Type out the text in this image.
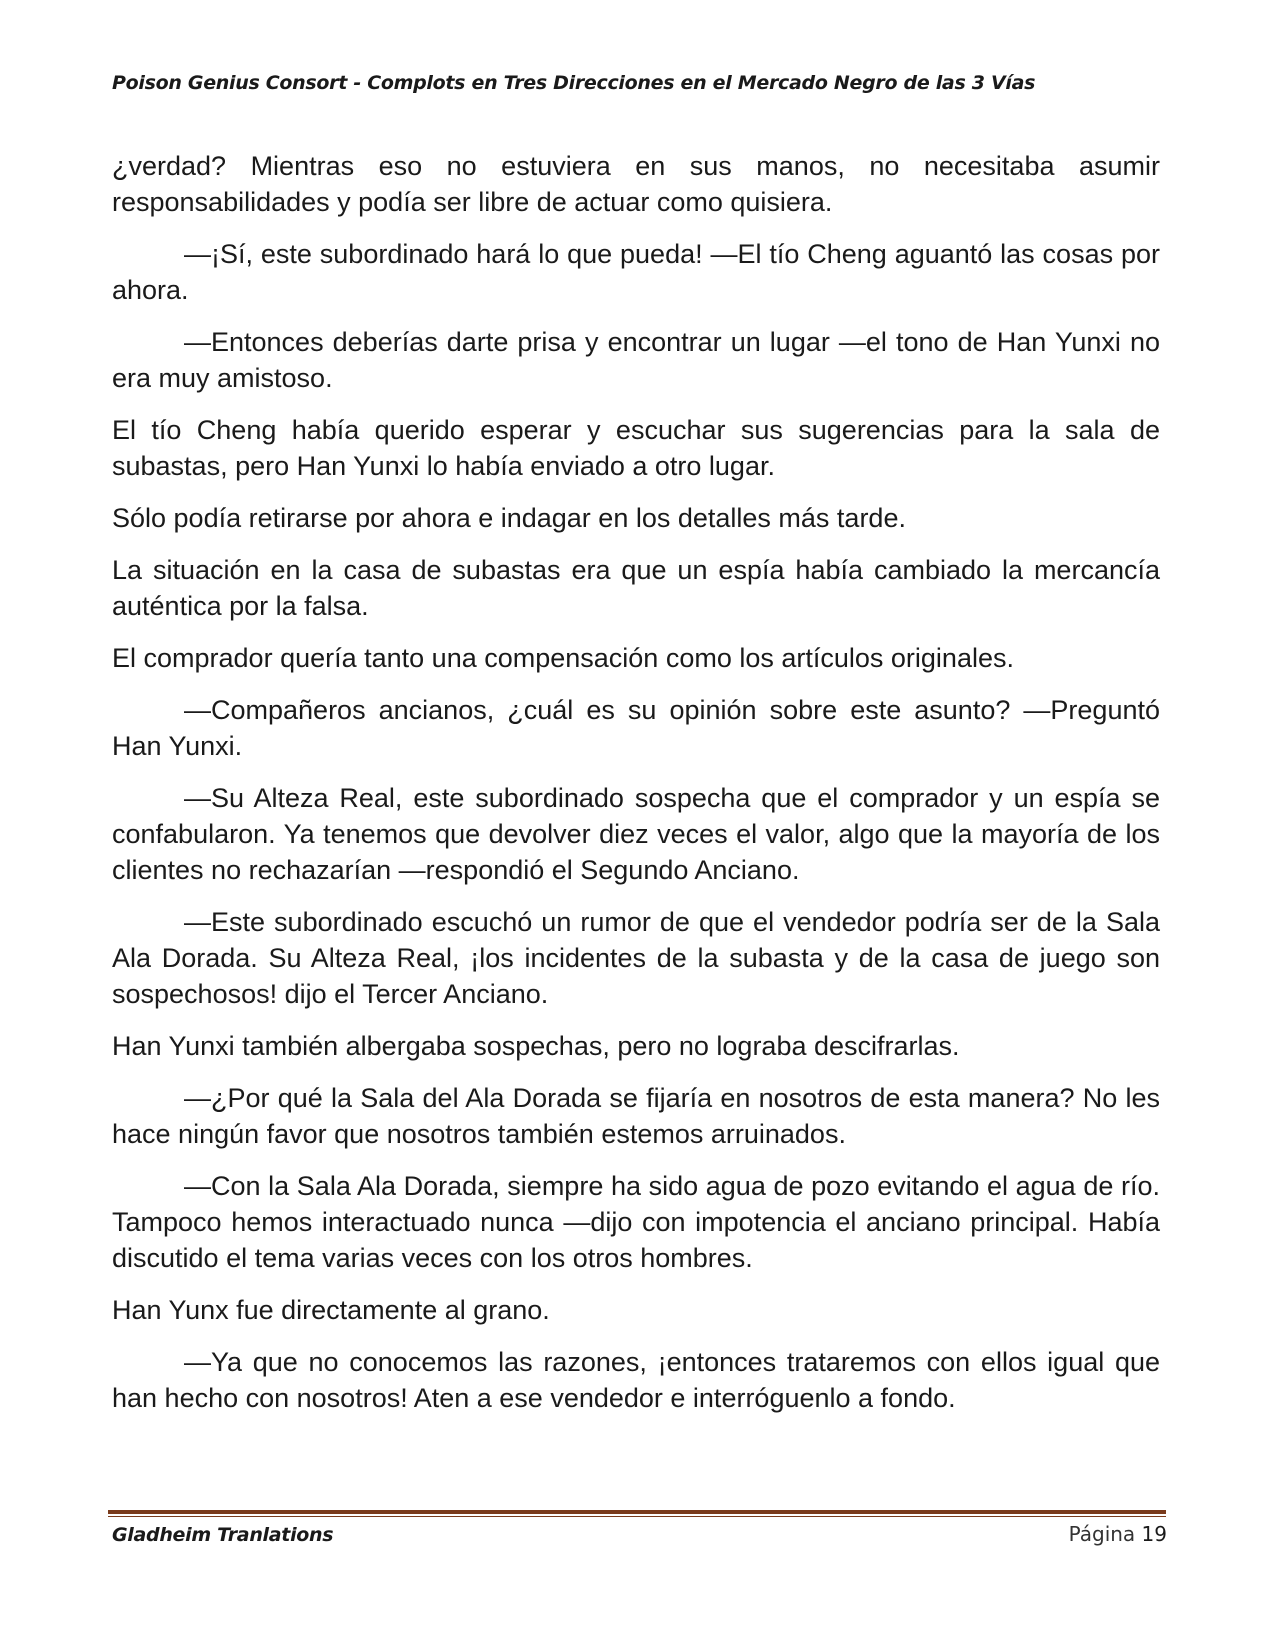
Poison Genius Consort - Complots en Tres Direcciones en el Mercado Negro de las 3 Vías

¿verdad? Mientras eso no estuviera en sus manos, no necesitaba asumir responsabilidades y podía ser libre de actuar como quisiera.

—¡Sí, este subordinado hará lo que pueda! —El tío Cheng aguantó las cosas por ahora.

—Entonces deberías darte prisa y encontrar un lugar —el tono de Han Yunxi no era muy amistoso.

El tío Cheng había querido esperar y escuchar sus sugerencias para la sala de subastas, pero Han Yunxi lo había enviado a otro lugar.

Sólo podía retirarse por ahora e indagar en los detalles más tarde.

La situación en la casa de subastas era que un espía había cambiado la mercancía auténtica por la falsa.

El comprador quería tanto una compensación como los artículos originales.

—Compañeros ancianos, ¿cuál es su opinión sobre este asunto? —Preguntó Han Yunxi.

—Su Alteza Real, este subordinado sospecha que el comprador y un espía se confabularon. Ya tenemos que devolver diez veces el valor, algo que la mayoría de los clientes no rechazarían —respondió el Segundo Anciano.

—Este subordinado escuchó un rumor de que el vendedor podría ser de la Sala Ala Dorada. Su Alteza Real, ¡los incidentes de la subasta y de la casa de juego son sospechosos! dijo el Tercer Anciano.

Han Yunxi también albergaba sospechas, pero no lograba descifrarlas.

—¿Por qué la Sala del Ala Dorada se fijaría en nosotros de esta manera? No les hace ningún favor que nosotros también estemos arruinados.

—Con la Sala Ala Dorada, siempre ha sido agua de pozo evitando el agua de río. Tampoco hemos interactuado nunca —dijo con impotencia el anciano principal. Había discutido el tema varias veces con los otros hombres.

Han Yunx fue directamente al grano.

—Ya que no conocemos las razones, ¡entonces trataremos con ellos igual que han hecho con nosotros! Aten a ese vendedor e interróguenlo a fondo.

Gladheim Tranlations	Página 19
